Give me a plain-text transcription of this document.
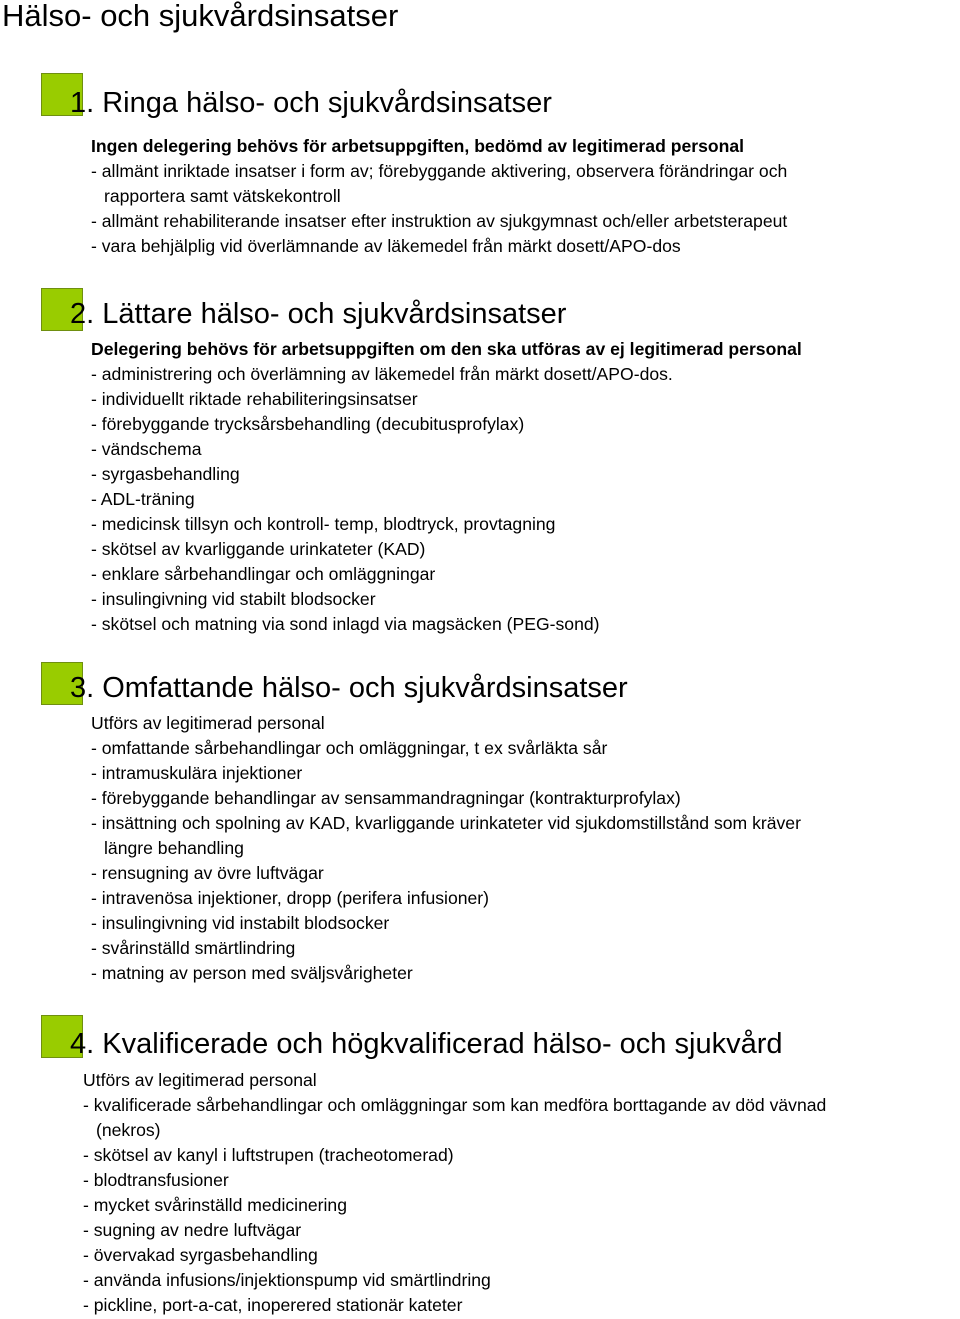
Hälso- och sjukvårdsinsatser
1. Ringa hälso- och sjukvårdsinsatser
Ingen delegering behövs för arbetsuppgiften, bedömd av legitimerad personal
- allmänt inriktade insatser i form av; förebyggande aktivering, observera förändringar och
rapportera samt vätskekontroll
- allmänt rehabiliterande insatser efter instruktion av sjukgymnast och/eller arbetsterapeut
- vara behjälplig vid överlämnande av läkemedel från märkt dosett/APO-dos
2. Lättare hälso- och sjukvårdsinsatser
Delegering behövs för arbetsuppgiften om den ska utföras av ej legitimerad personal
- administrering och överlämning av läkemedel från märkt dosett/APO-dos.
- individuellt riktade rehabiliteringsinsatser
- förebyggande trycksårsbehandling (decubitusprofylax)
- vändschema
- syrgasbehandling
- ADL-träning
- medicinsk tillsyn och kontroll- temp, blodtryck, provtagning
- skötsel av kvarliggande urinkateter (KAD)
- enklare sårbehandlingar och omläggningar
- insulingivning vid stabilt blodsocker
- skötsel och matning via sond inlagd via magsäcken (PEG-sond)
3. Omfattande hälso- och sjukvårdsinsatser
Utförs av legitimerad personal
- omfattande sårbehandlingar och omläggningar, t ex svårläkta sår
- intramuskulära injektioner
- förebyggande behandlingar av sensammandragningar (kontrakturprofylax)
- insättning och spolning av KAD, kvarliggande urinkateter vid sjukdomstillstånd som kräver
längre behandling
- rensugning av övre luftvägar
- intravenösa injektioner, dropp (perifera infusioner)
- insulingivning vid instabilt blodsocker
- svårinställd smärtlindring
- matning av person med sväljsvårigheter
4. Kvalificerade och högkvalificerad hälso- och sjukvård
Utförs av legitimerad personal
- kvalificerade sårbehandlingar och omläggningar som kan medföra borttagande av död vävnad
(nekros)
- skötsel av kanyl i luftstrupen (tracheotomerad)
- blodtransfusioner
- mycket svårinställd medicinering
- sugning av nedre luftvägar
- övervakad syrgasbehandling
- använda infusions/injektionspump vid smärtlindring
- pickline, port-a-cat, inoperered stationär kateter
